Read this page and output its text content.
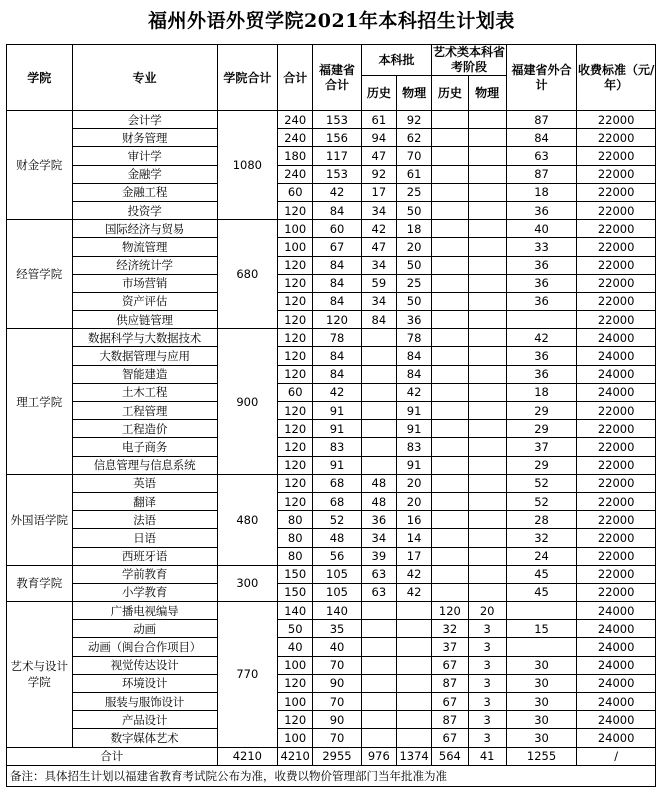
福州外语外贸学院2021年本科招生计划表
学院	专业	学院合计	合计	福建省合计	本科批		艺术类本科省考阶段		福建省外合计	收费标准（元/年）
					历史	物理	历史	物理		
财金学院	会计学	1080	240	153	61	92			87	22000
	财务管理		240	156	94	62			84	22000
	审计学		180	117	47	70			63	22000
	金融学		240	153	92	61			87	22000
	金融工程		60	42	17	25			18	22000
	投资学		120	84	34	50			36	22000
经管学院	国际经济与贸易	680	100	60	42	18			40	22000
	物流管理		100	67	47	20			33	22000
	经济统计学		120	84	34	50			36	22000
	市场营销		120	84	59	25			36	22000
	资产评估		120	84	34	50			36	22000
	供应链管理		120	120	84	36				22000
理工学院	数据科学与大数据技术	900	120	78		78			42	24000
	大数据管理与应用		120	84		84			36	24000
	智能建造		120	84		84			36	24000
	土木工程		60	42		42			18	24000
	工程管理		120	91		91			29	22000
	工程造价		120	91		91			29	22000
	电子商务		120	83		83			37	22000
	信息管理与信息系统		120	91		91			29	22000
外国语学院	英语	480	120	68	48	20			52	22000
	翻译		120	68	48	20			52	22000
	法语		80	52	36	16			28	22000
	日语		80	48	34	14			32	22000
	西班牙语		80	56	39	17			24	22000
教育学院	学前教育	300	150	105	63	42			45	22000
	小学教育		150	105	63	42			45	22000
艺术与设计学院	广播电视编导	770	140	140			120	20		24000
	动画		50	35			32	3	15	24000
	动画（闽台合作项目）		40	40			37	3		24000
	视觉传达设计		100	70			67	3	30	24000
	环境设计		120	90			87	3	30	24000
	服装与服饰设计		100	70			67	3	30	24000
	产品设计		120	90			87	3	30	24000
	数字媒体艺术		100	70			67	3	30	24000
合计		4210	4210	2955	976	1374	564	41	1255	/
备注：具体招生计划以福建省教育考试院公布为准，收费以物价管理部门当年批准为准										
